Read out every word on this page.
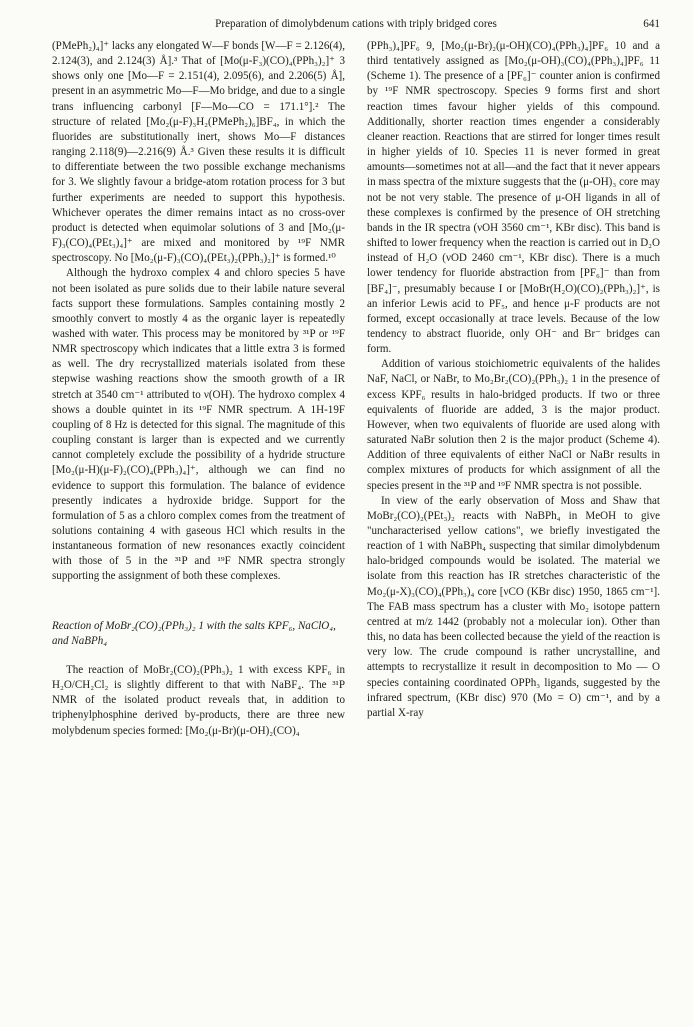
Preparation of dimolybdenum cations with triply bridged cores	641

(PMePh₂)₄]⁺ lacks any elongated W—F bonds [W—F = 2.126(4), 2.124(3), and 2.124(3) Å].³ That of [Mo(μ-F₃)(CO)₄(PPh₃)₂]⁺ 3 shows only one [Mo—F = 2.151(4), 2.095(6), and 2.206(5) Å], present in an asymmetric Mo—F—Mo bridge, and due to a single trans influencing carbonyl [F—Mo—CO = 171.1°].² The structure of related [Mo₂(μ-F)₃H₂(PMePh₂)₆]BF₄, in which the fluorides are substitutionally inert, shows Mo—F distances ranging 2.118(9)—2.216(9) Å.³ Given these results it is difficult to differentiate between the two possible exchange mechanisms for 3. We slightly favour a bridge-atom rotation process for 3 but further experiments are needed to support this hypothesis. Whichever operates the dimer remains intact as no cross-over product is detected when equimolar solutions of 3 and [Mo₂(μ-F)₃(CO)₄(PEt₃)₄]⁺ are mixed and monitored by ¹⁹F NMR spectroscopy. No [Mo₂(μ-F)₃(CO)₄(PEt₃)₂(PPh₃)₂]⁺ is formed.¹⁰

Although the hydroxo complex 4 and chloro species 5 have not been isolated as pure solids due to their labile nature several facts support these formulations. Samples containing mostly 2 smoothly convert to mostly 4 as the organic layer is repeatedly washed with water. This process may be monitored by ³¹P or ¹⁹F NMR spectroscopy which indicates that a little extra 3 is formed as well. The dry recrystallized materials isolated from these stepwise washing reactions show the smooth growth of a IR stretch at 3540 cm⁻¹ attributed to ν(OH). The hydroxo complex 4 shows a double quintet in its ¹⁹F NMR spectrum. A 1H-19F coupling of 8 Hz is detected for this signal. The magnitude of this coupling constant is larger than is expected and we currently cannot completely exclude the possibility of a hydride structure [Mo₂(μ-H)(μ-F)₂(CO)₄(PPh₃)₄]⁺, although we can find no evidence to support this formulation. The balance of evidence presently indicates a hydroxide bridge. Support for the formulation of 5 as a chloro complex comes from the treatment of solutions containing 4 with gaseous HCl which results in the instantaneous formation of new resonances exactly coincident with those of 5 in the ³¹P and ¹⁹F NMR spectra strongly supporting the assignment of both these complexes.

Reaction of MoBr₂(CO)₂(PPh₃)₂ 1 with the salts KPF₆, NaClO₄, and NaBPh₄

The reaction of MoBr₂(CO)₂(PPh₃)₂ 1 with excess KPF₆ in H₂O/CH₂Cl₂ is slightly different to that with NaBF₄. The ³¹P NMR of the isolated product reveals that, in addition to triphenylphosphine derived by-products, there are three new molybdenum species formed: [Mo₂(μ-Br)(μ-OH)₂(CO)₄

(PPh₃)₄]PF₆ 9, [Mo₂(μ-Br)₂(μ-OH)(CO)₄(PPh₃)₄]PF₆ 10 and a third tentatively assigned as [Mo₂(μ-OH)₃(CO)₄(PPh₃)₄]PF₆ 11 (Scheme 1). The presence of a [PF₆]⁻ counter anion is confirmed by ¹⁹F NMR spectroscopy. Species 9 forms first and short reaction times favour higher yields of this compound. Additionally, shorter reaction times engender a considerably cleaner reaction. Reactions that are stirred for longer times result in higher yields of 10. Species 11 is never formed in great amounts—sometimes not at all—and the fact that it never appears in mass spectra of the mixture suggests that the (μ-OH)₃ core may not be not very stable. The presence of μ-OH ligands in all of these complexes is confirmed by the presence of OH stretching bands in the IR spectra (νOH 3560 cm⁻¹, KBr disc). This band is shifted to lower frequency when the reaction is carried out in D₂O instead of H₂O (νOD 2460 cm⁻¹, KBr disc). There is a much lower tendency for fluoride abstraction from [PF₆]⁻ than from [BF₄]⁻, presumably because I or [MoBr(H₂O)(CO)₂(PPh₃)₂]⁺, is an inferior Lewis acid to PF₅, and hence μ-F products are not formed, except occasionally at trace levels. Because of the low tendency to abstract fluoride, only OH⁻ and Br⁻ bridges can form.

Addition of various stoichiometric equivalents of the halides NaF, NaCl, or NaBr, to Mo₂Br₂(CO)₂(PPh₃)₂ 1 in the presence of excess KPF₆ results in halo-bridged products. If two or three equivalents of fluoride are added, 3 is the major product. However, when two equivalents of fluoride are used along with saturated NaBr solution then 2 is the major product (Scheme 4). Addition of three equivalents of either NaCl or NaBr results in complex mixtures of products for which assignment of all the species present in the ³¹P and ¹⁹F NMR spectra is not possible.

In view of the early observation of Moss and Shaw that MoBr₂(CO)₂(PEt₃)₂ reacts with NaBPh₄ in MeOH to give "uncharacterised yellow cations", we briefly investigated the reaction of 1 with NaBPh₄ suspecting that similar dimolybdenum halo-bridged compounds would be isolated. The material we isolate from this reaction has IR stretches characteristic of the Mo₂(μ-X)₃(CO)₄(PPh₃)₄ core [νCO (KBr disc) 1950, 1865 cm⁻¹]. The FAB mass spectrum has a cluster with Mo₂ isotope pattern centred at m/z 1442 (probably not a molecular ion). Other than this, no data has been collected because the yield of the reaction is very low. The crude compound is rather uncrystalline, and attempts to recrystallize it result in decomposition to Mo — O species containing coordinated OPPh₃ ligands, suggested by the infrared spectrum, (KBr disc) 970 (Mo = O) cm⁻¹, and by a partial X-ray
